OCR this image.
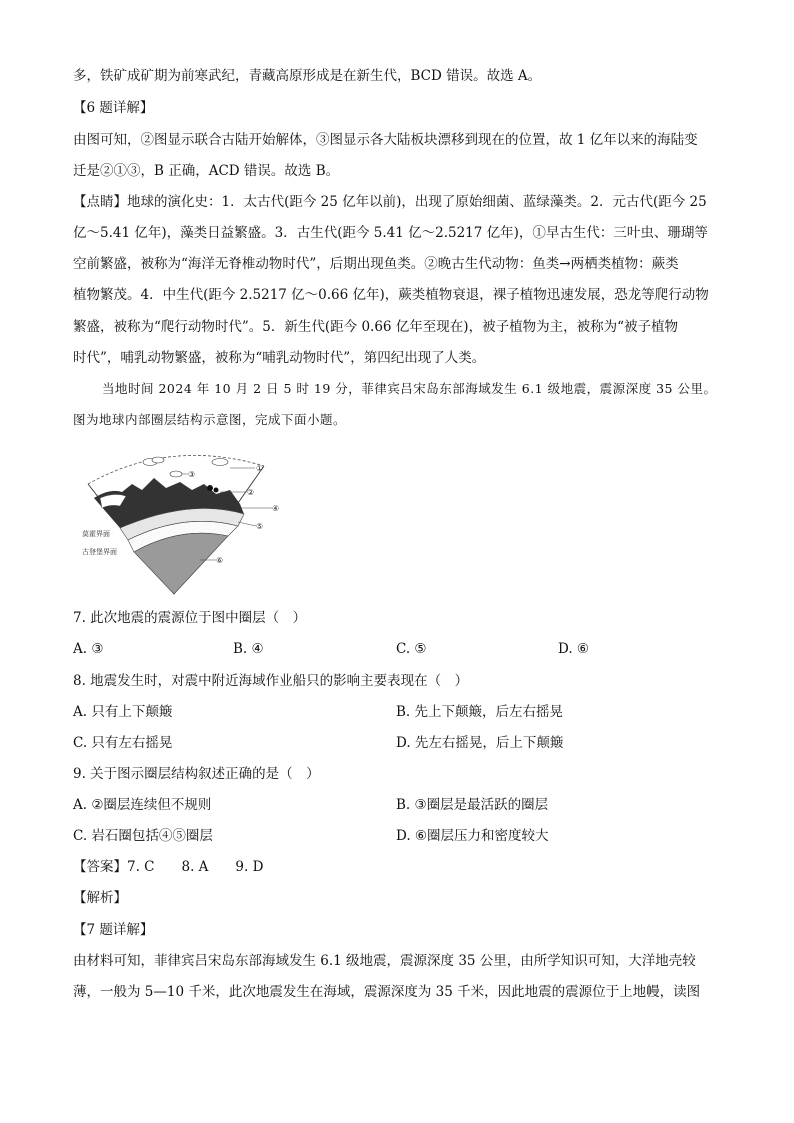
多，铁矿成矿期为前寒武纪，青藏高原形成是在新生代，BCD 错误。故选 A。
【6 题详解】
由图可知，②图显示联合古陆开始解体，③图显示各大陆板块漂移到现在的位置，故 1 亿年以来的海陆变
迁是②①③，B 正确，ACD 错误。故选 B。
【点睛】地球的演化史：1．太古代(距今 25 亿年以前)，出现了原始细菌、蓝绿藻类。2．元古代(距今 25
亿～5.41 亿年)，藻类日益繁盛。3．古生代(距今 5.41 亿～2.5217 亿年)，①早古生代：三叶虫、珊瑚等
空前繁盛，被称为“海洋无脊椎动物时代”，后期出现鱼类。②晚古生代动物：鱼类→两栖类植物：蕨类
植物繁茂。4．中生代(距今 2.5217 亿～0.66 亿年)，蕨类植物衰退，裸子植物迅速发展，恐龙等爬行动物
繁盛，被称为“爬行动物时代”。5．新生代(距今 0.66 亿年至现在)，被子植物为主，被称为“被子植物
时代”，哺乳动物繁盛，被称为“哺乳动物时代”，第四纪出现了人类。
当地时间 2024 年 10 月 2 日 5 时 19 分，菲律宾吕宋岛东部海域发生 6.1 级地震，震源深度 35 公里。
图为地球内部圈层结构示意图，完成下面小题。
①
②
③
④
⑤
⑥
莫霍界面
古登堡界面
7. 此次地震的震源位于图中圈层（　）
A. ③	B. ④	C. ⑤	D. ⑥
8. 地震发生时，对震中附近海域作业船只的影响主要表现在（　）
A. 只有上下颠簸	B. 先上下颠簸，后左右摇晃
C. 只有左右摇晃	D. 先左右摇晃，后上下颠簸
9. 关于图示圈层结构叙述正确的是（　）
A. ②圈层连续但不规则	B. ③圈层是最活跃的圈层
C. 岩石圈包括④⑤圈层	D. ⑥圈层压力和密度较大
【答案】7. C　　8. A　　9. D
【解析】
【7 题详解】
由材料可知，菲律宾吕宋岛东部海域发生 6.1 级地震，震源深度 35 公里，由所学知识可知，大洋地壳较
薄，一般为 5—10 千米，此次地震发生在海域，震源深度为 35 千米，因此地震的震源位于上地幔，读图
